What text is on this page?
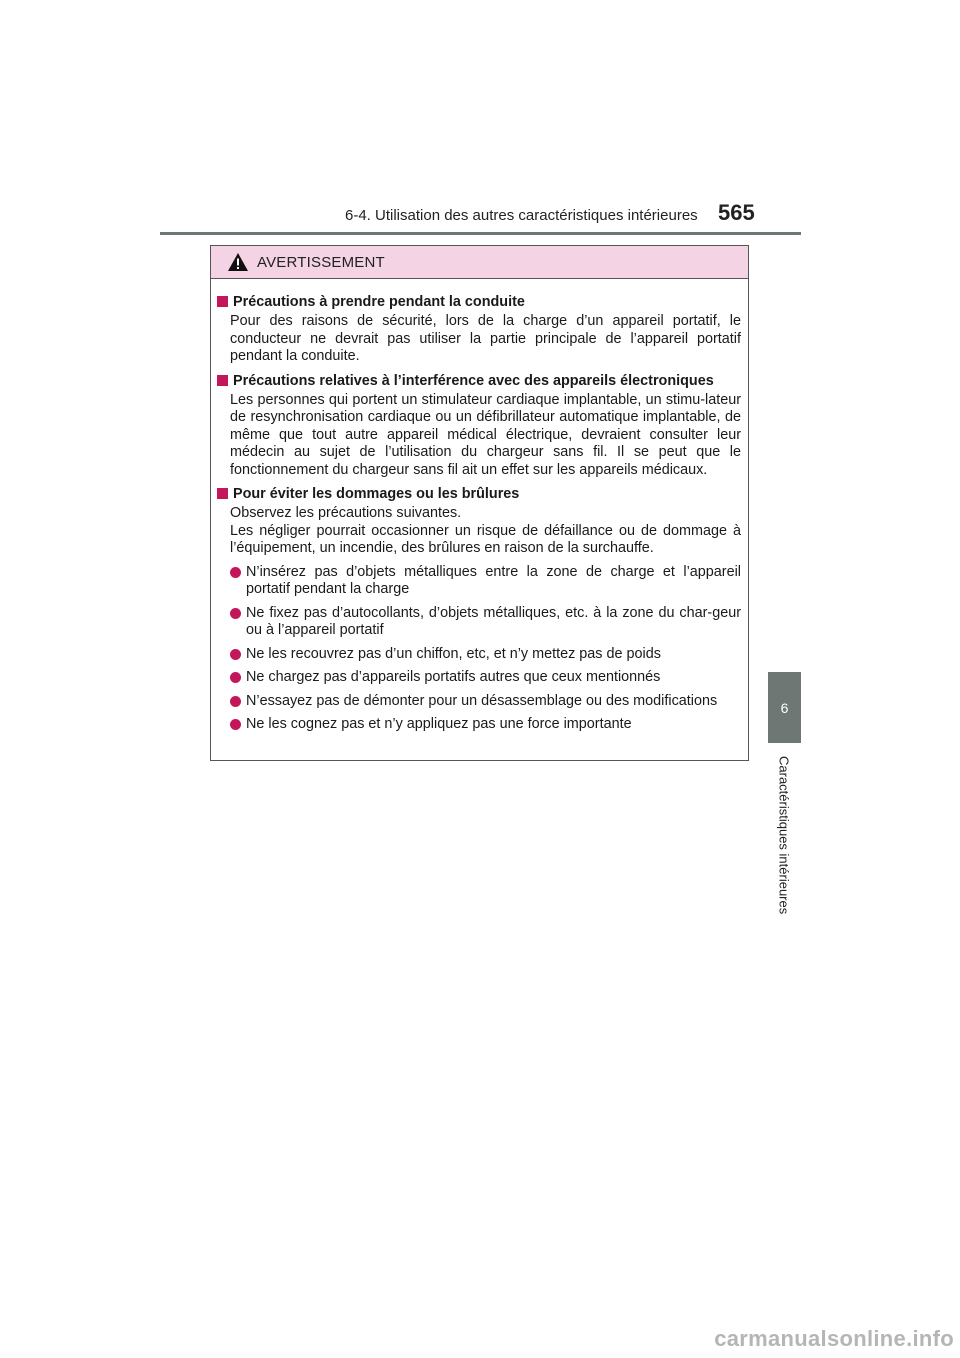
6-4. Utilisation des autres caractéristiques intérieures 565
6
Caractéristiques intérieures
AVERTISSEMENT
Précautions à prendre pendant la conduite

Pour des raisons de sécurité, lors de la charge d’un appareil portatif, le conducteur ne devrait pas utiliser la partie principale de l’appareil portatif pendant la conduite.

Précautions relatives à l’interférence avec des appareils électroniques

Les personnes qui portent un stimulateur cardiaque implantable, un stimu-lateur de resynchronisation cardiaque ou un défibrillateur automatique implantable, de même que tout autre appareil médical électrique, devraient consulter leur médecin au sujet de l’utilisation du chargeur sans fil. Il se peut que le fonctionnement du chargeur sans fil ait un effet sur les appareils médicaux.

Pour éviter les dommages ou les brûlures

Observez les précautions suivantes.

Les négliger pourrait occasionner un risque de défaillance ou de dommage à l’équipement, un incendie, des brûlures en raison de la surchauffe.

N’insérez pas d’objets métalliques entre la zone de charge et l’appareil portatif pendant la charge
Ne fixez pas d’autocollants, d’objets métalliques, etc. à la zone du char-geur ou à l’appareil portatif
Ne les recouvrez pas d’un chiffon, etc, et n’y mettez pas de poids
Ne chargez pas d’appareils portatifs autres que ceux mentionnés
N’essayez pas de démonter pour un désassemblage ou des modifications
Ne les cognez pas et n’y appliquez pas une force importante
carmanualsonline.info
